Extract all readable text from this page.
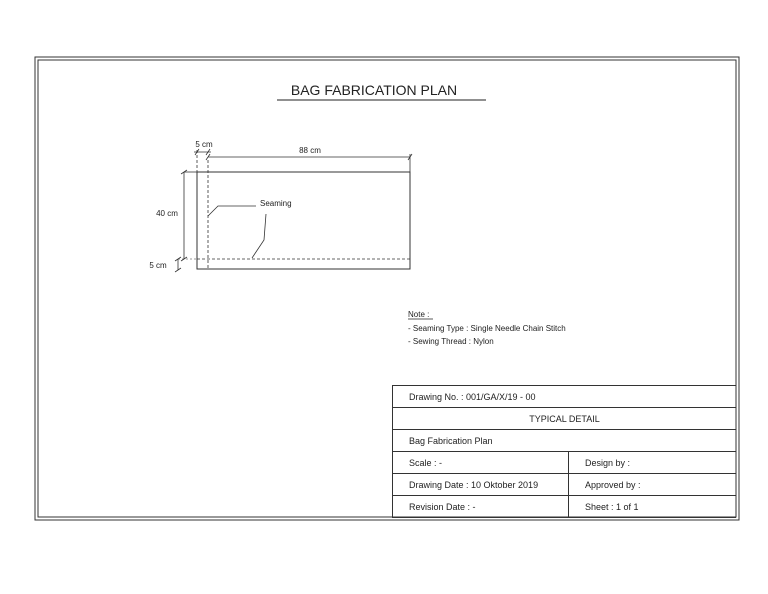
BAG FABRICATION PLAN
5 cm
88 cm
40 cm
5 cm
Seaming
Note :
- Seaming Type : Single Needle Chain Stitch
- Sewing Thread : Nylon
Drawing No. : 001/GA/X/19 - 00
TYPICAL DETAIL
Bag Fabrication Plan
Scale : -	Design by :
Drawing Date : 10 Oktober 2019	Approved by :
Revision Date : -	Sheet : 1 of 1
